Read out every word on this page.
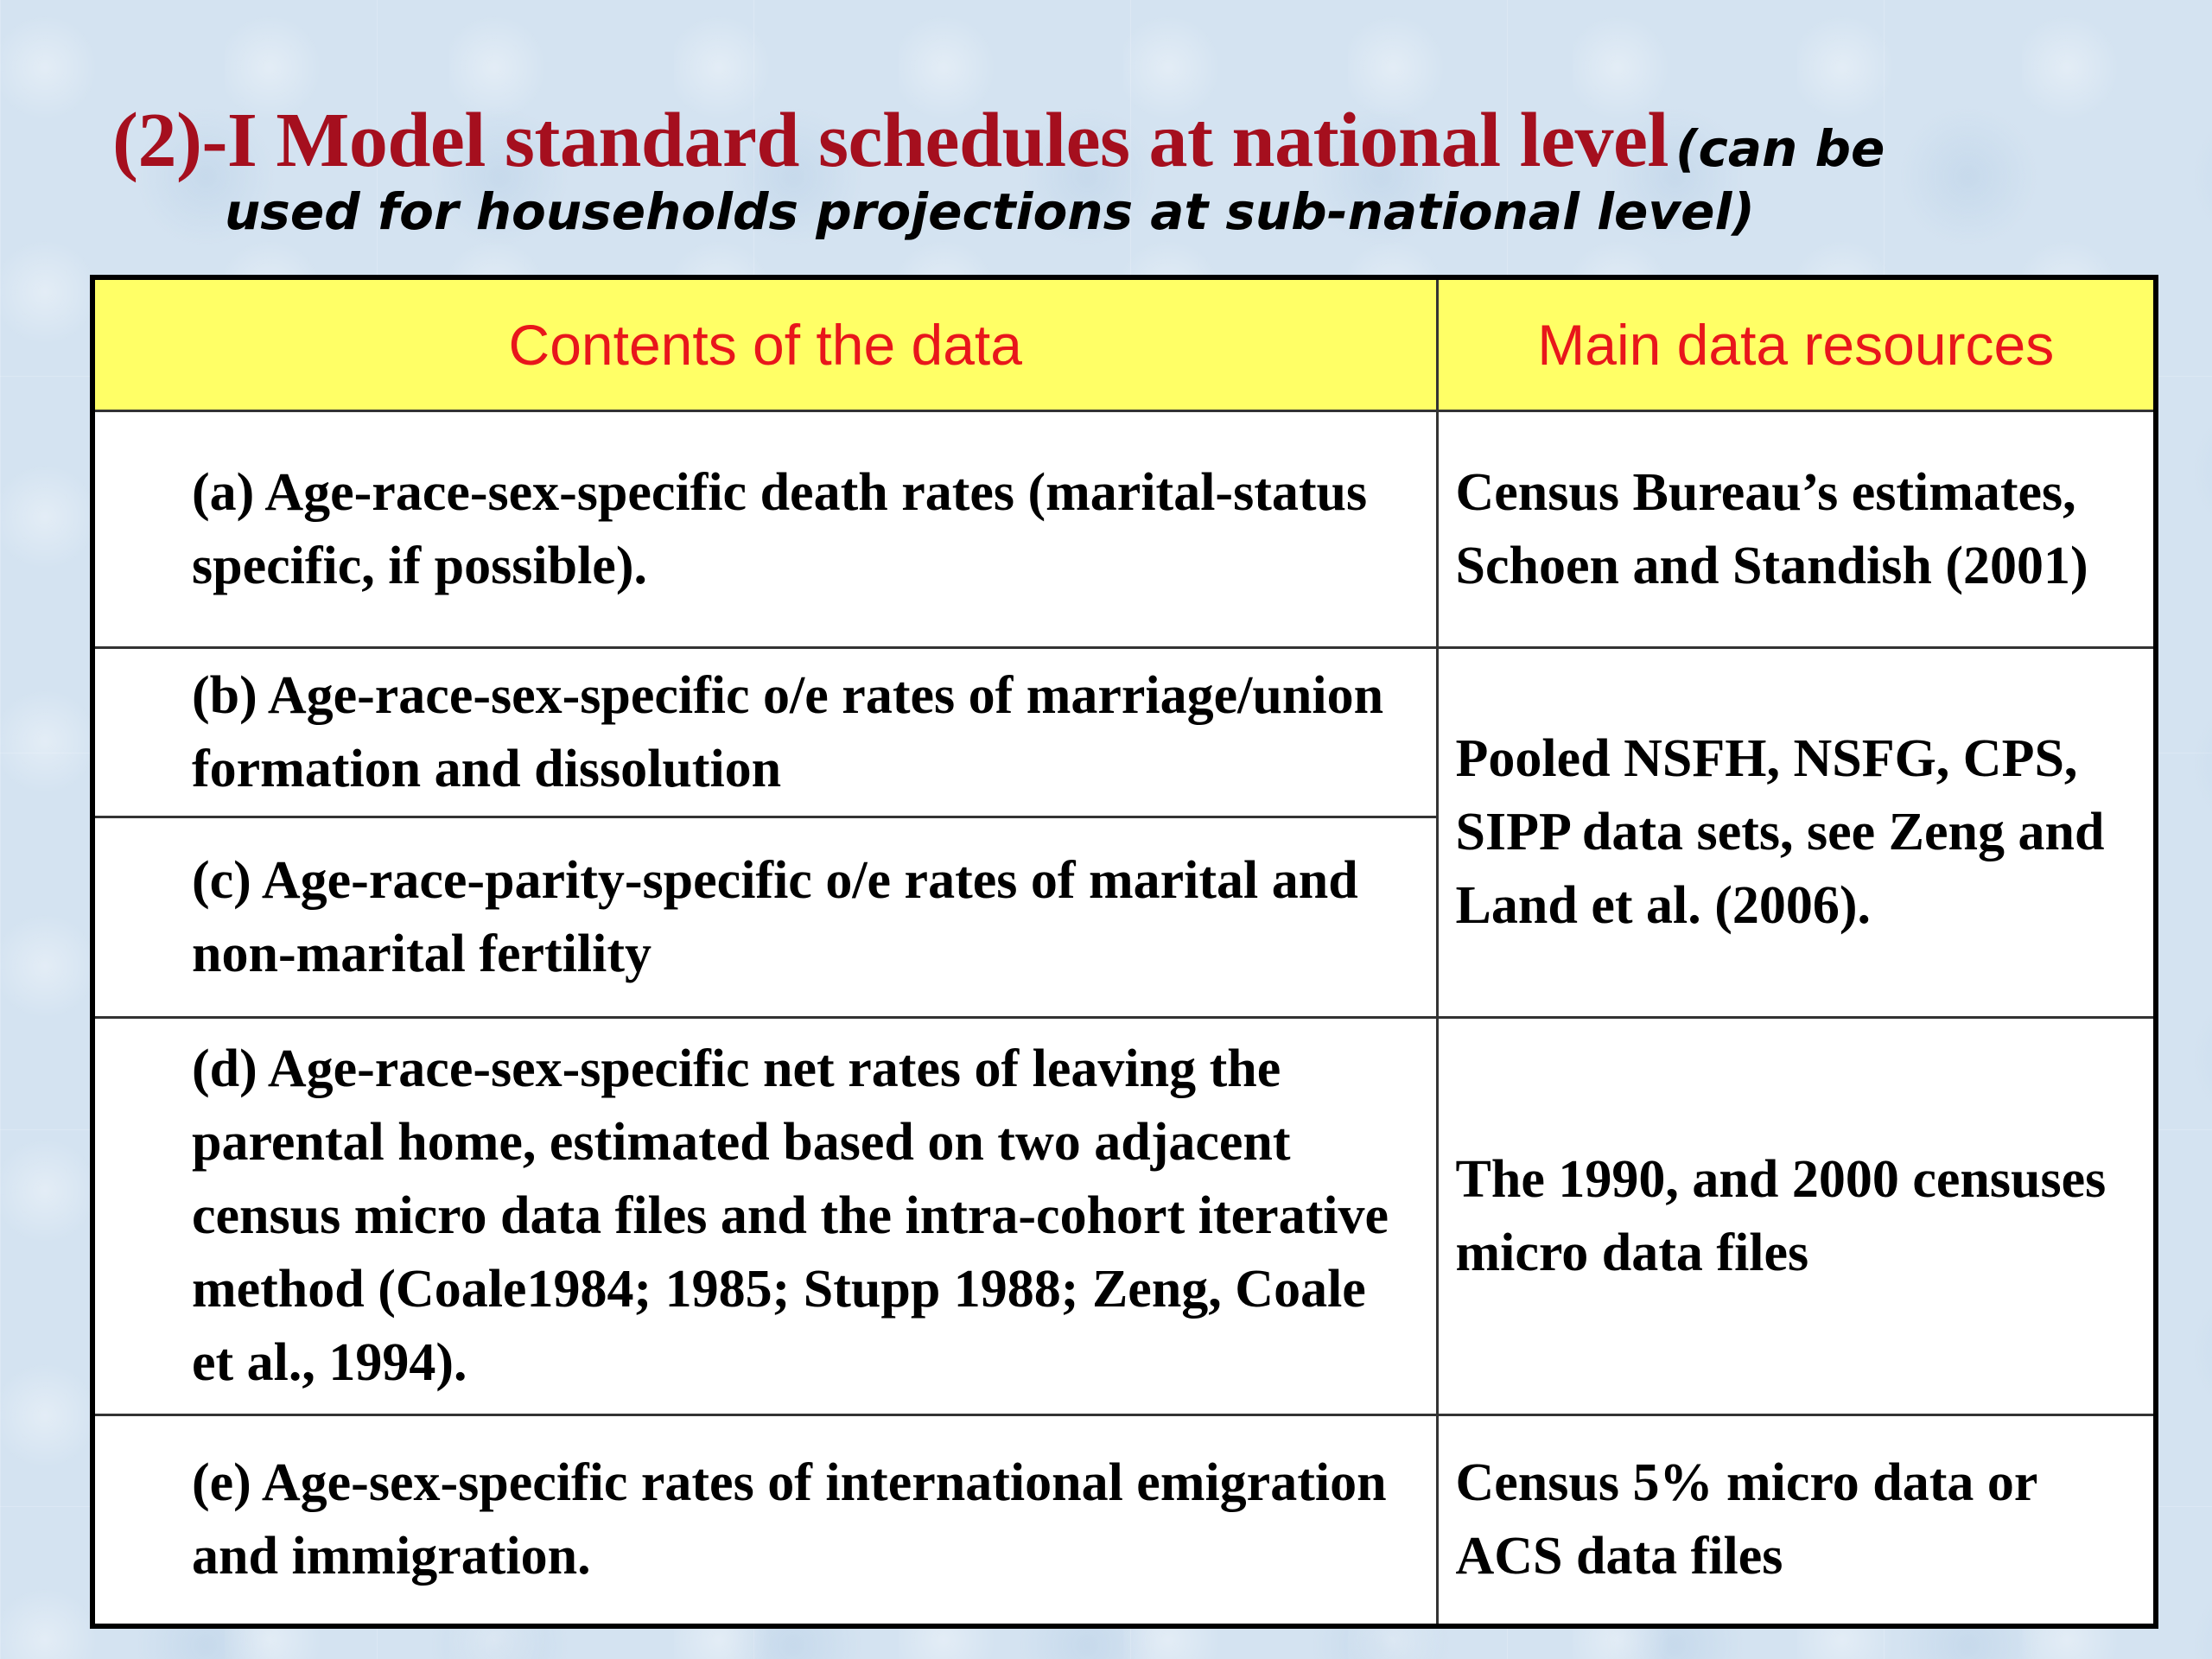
(2)-I Model standard schedules at national level (can be
used for households projections at sub-national level)
Contents of the data	Main data resources
(a) Age-race-sex-specific death rates (marital-status specific, if possible).	Census Bureau’s estimates, Schoen and Standish (2001)
(b) Age-race-sex-specific o/e rates of marriage/union formation and dissolution	Pooled NSFH, NSFG, CPS, SIPP data sets, see Zeng and Land et al. (2006).
(c) Age-race-parity-specific o/e rates of marital and non-marital fertility	
(d) Age-race-sex-specific net rates of leaving the parental home, estimated based on two adjacent census micro data files and the intra-cohort iterative method (Coale1984; 1985; Stupp 1988; Zeng, Coale et al., 1994).	The 1990, and 2000 censuses micro data files
(e) Age-sex-specific rates of international emigration and immigration.	Census 5% micro data or ACS data files
